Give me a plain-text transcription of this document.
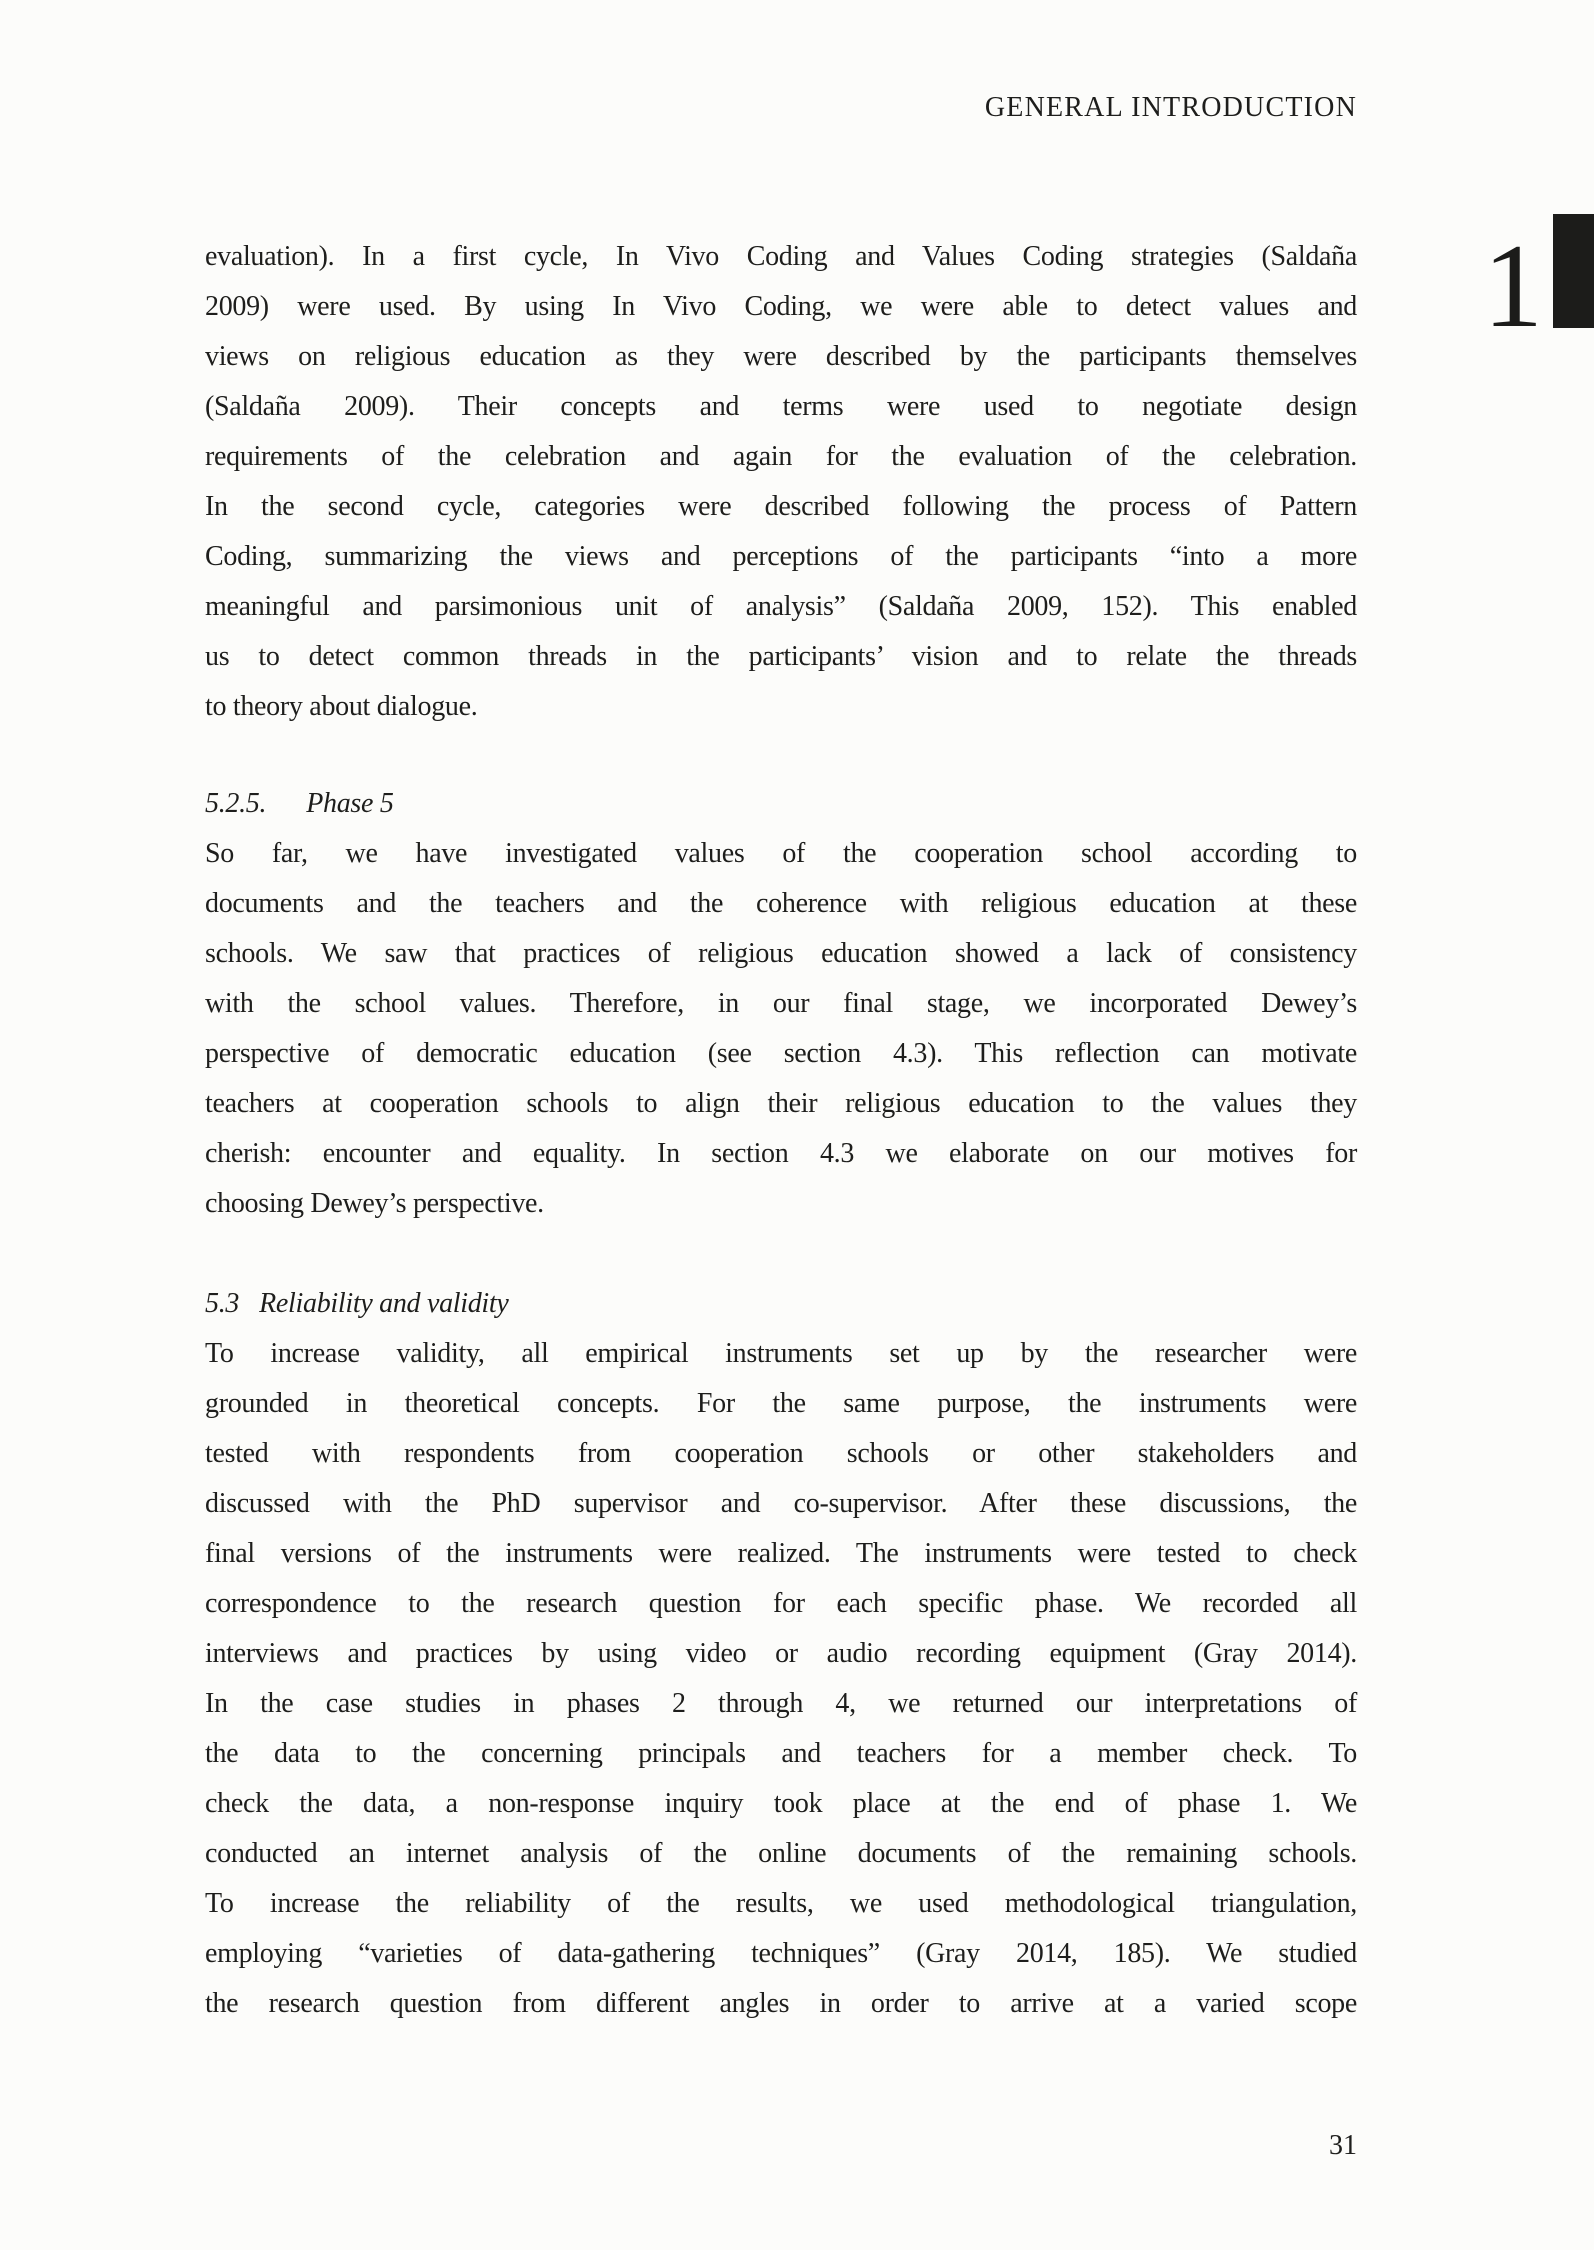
GENERAL INTRODUCTION
1
evaluation). In a first cycle, In Vivo Coding and Values Coding strategies (Saldaña
2009) were used. By using In Vivo Coding, we were able to detect values and
views on religious education as they were described by the participants themselves
(Saldaña 2009). Their concepts and terms were used to negotiate design
requirements of the celebration and again for the evaluation of the celebration.
In the second cycle, categories were described following the process of Pattern
Coding, summarizing the views and perceptions of the participants “into a more
meaningful and parsimonious unit of analysis” (Saldaña 2009, 152). This enabled
us to detect common threads in the participants’ vision and to relate the threads
to theory about dialogue.
5.2.5. Phase 5
So far, we have investigated values of the cooperation school according to
documents and the teachers and the coherence with religious education at these
schools. We saw that practices of religious education showed a lack of consistency
with the school values. Therefore, in our final stage, we incorporated Dewey’s
perspective of democratic education (see section 4.3). This reflection can motivate
teachers at cooperation schools to align their religious education to the values they
cherish: encounter and equality. In section 4.3 we elaborate on our motives for
choosing Dewey’s perspective.
5.3 Reliability and validity
To increase validity, all empirical instruments set up by the researcher were
grounded in theoretical concepts. For the same purpose, the instruments were
tested with respondents from cooperation schools or other stakeholders and
discussed with the PhD supervisor and co-supervisor. After these discussions, the
final versions of the instruments were realized. The instruments were tested to check
correspondence to the research question for each specific phase. We recorded all
interviews and practices by using video or audio recording equipment (Gray 2014).
In the case studies in phases 2 through 4, we returned our interpretations of
the data to the concerning principals and teachers for a member check. To
check the data, a non-response inquiry took place at the end of phase 1. We
conducted an internet analysis of the online documents of the remaining schools.
To increase the reliability of the results, we used methodological triangulation,
employing “varieties of data-gathering techniques” (Gray 2014, 185). We studied
the research question from different angles in order to arrive at a varied scope
31
